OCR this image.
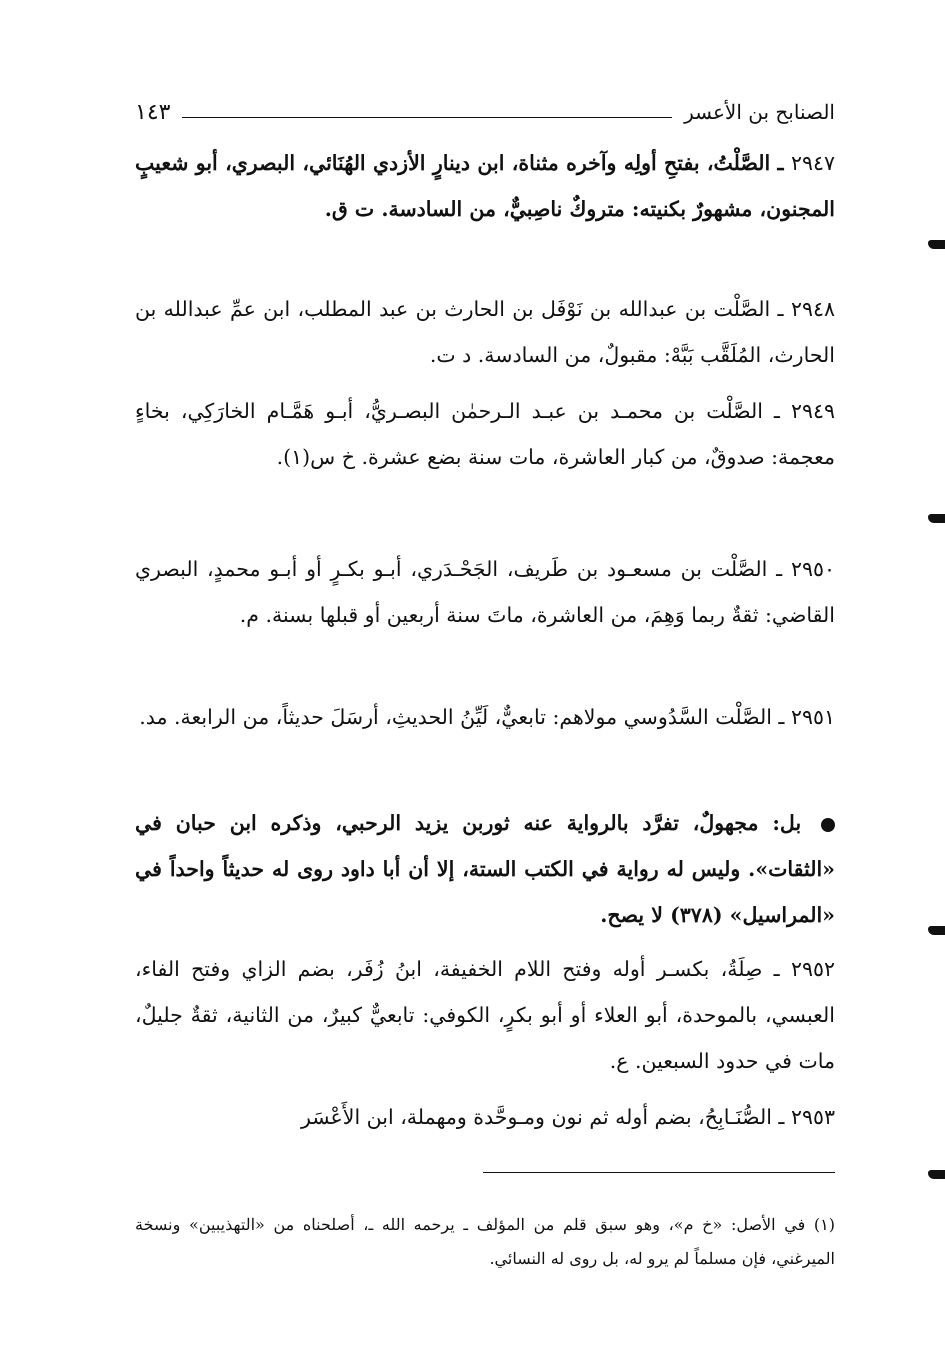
الصنابح بن الأعسر
١٤٣

٢٩٤٧ ـ الصَّلْتُ، بفتحِ أولِه وآخره مثناة، ابن دينارٍ الأزدي الهُنَائي، البصري، أبو شعيبٍ المجنون، مشهورٌ بكنيته: متروكٌ ناصِبيٌّ، من السادسة. ت ق.

٢٩٤٨ ـ الصَّلْت بن عبدالله بن نَوْفَل بن الحارث بن عبد المطلب، ابن عمِّ عبدالله بن الحارث، المُلَقَّب بَبَّهْ: مقبولٌ، من السادسة. د ت.

٢٩٤٩ ـ الصَّلْت بن محمـد بن عبـد الـرحمٰن البصـريُّ، أبـو هَمَّـام الخارَكِي، بخاءٍ معجمة: صدوقٌ، من كبار العاشرة، مات سنة بضع عشرة. خ س(١).

٢٩٥٠ ـ الصَّلْت بن مسعـود بن طَريف، الجَحْـدَري، أبـو بكـرٍ أو أبـو محمدٍ، البصري القاضي: ثقةٌ ربما وَهِمَ، من العاشرة، ماتَ سنة أربعين أو قبلها بسنة. م.

٢٩٥١ ـ الصَّلْت السَّدُوسي مولاهم: تابعيٌّ، لَيِّنُ الحديثِ، أرسَلَ حديثاً، من الرابعة. مد.

بل: مجهولٌ، تفرَّد بالرواية عنه ثوربن يزيد الرحبي، وذكره ابن حبان في «الثقات». وليس له رواية في الكتب الستة، إلا أن أبا داود روى له حديثاً واحداً في «المراسيل» (٣٧٨) لا يصح.

٢٩٥٢ ـ صِلَةُ، بكسـر أوله وفتح اللام الخفيفة، ابنُ زُفَر، بضم الزاي وفتح الفاء، العبسي، بالموحدة، أبو العلاء أو أبو بكرٍ، الكوفي: تابعيٌّ كبيرٌ، من الثانية، ثقةٌ جليلٌ، مات في حدود السبعين. ع.

٢٩٥٣ ـ الصُّنَـابِحُ، بضم أوله ثم نون ومـوحَّدة ومهملة، ابن الأَعْسَر

(١) في الأصل: «خ م»، وهو سبق قلم من المؤلف ـ يرحمه الله ـ، أصلحناه من «التهذيبين» ونسخة الميرغني، فإن مسلماً لم يرو له، بل روى له النسائي.
